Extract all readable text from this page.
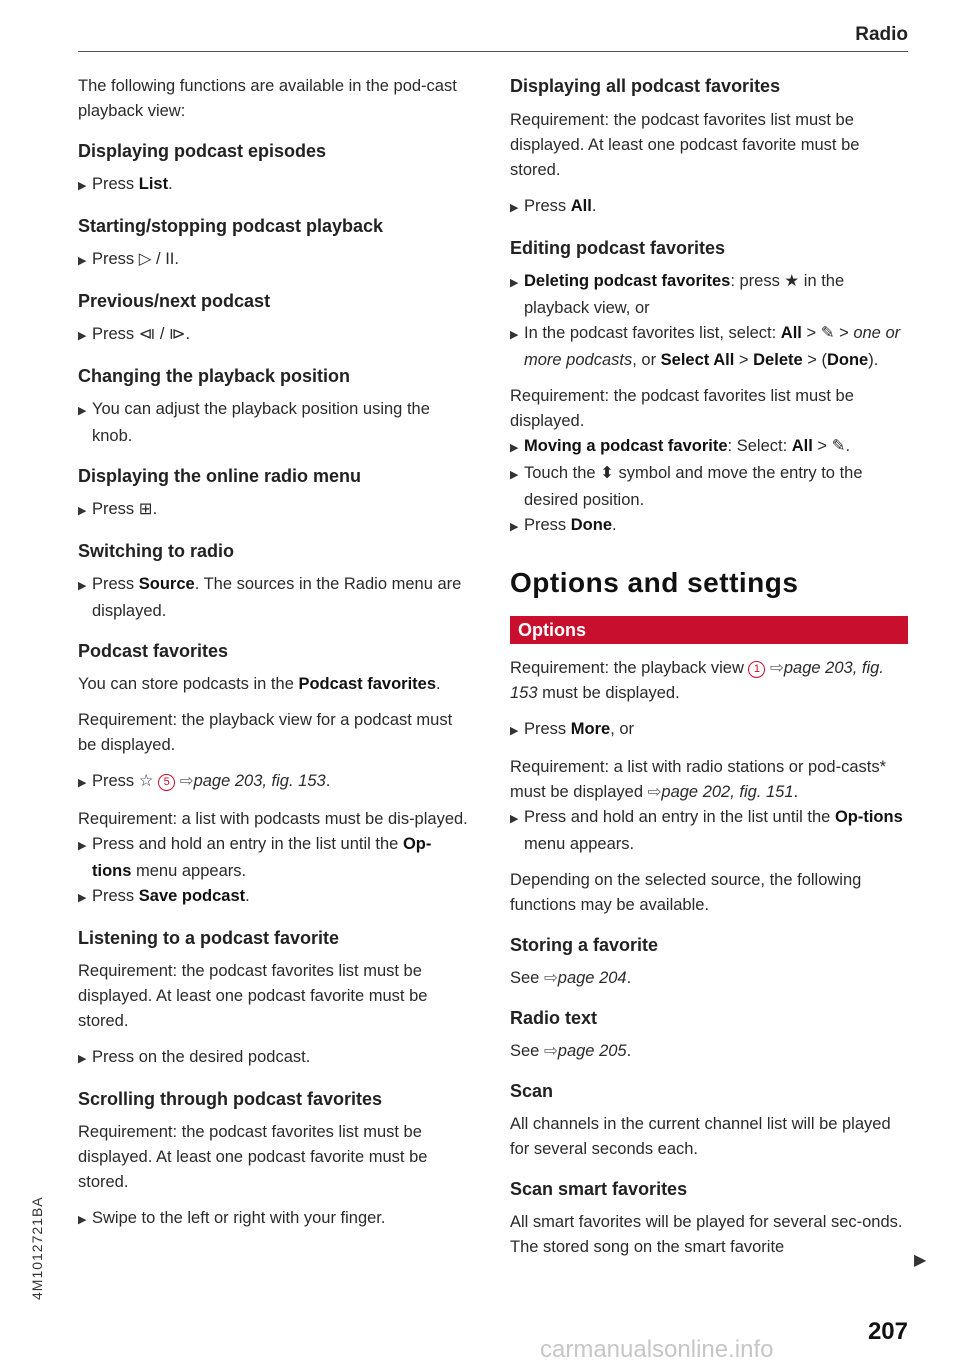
Radio

The following functions are available in the pod-cast playback view:

Displaying podcast episodes

▶ Press List.

Starting/stopping podcast playback

▶ Press ▷ / II.

Previous/next podcast

▶ Press ⧏ / ⧐.

Changing the playback position

▶ You can adjust the playback position using the knob.

Displaying the online radio menu

▶ Press ⊞.

Switching to radio

▶ Press Source. The sources in the Radio menu are displayed.

Podcast favorites

You can store podcasts in the Podcast favorites.

Requirement: the playback view for a podcast must be displayed.

▶ Press ☆ 5 ⇨page 203, fig. 153.

Requirement: a list with podcasts must be dis-played.

▶ Press and hold an entry in the list until the Op-tions menu appears.

▶ Press Save podcast.

Listening to a podcast favorite

Requirement: the podcast favorites list must be displayed. At least one podcast favorite must be stored.

▶ Press on the desired podcast.

Scrolling through podcast favorites

Requirement: the podcast favorites list must be displayed. At least one podcast favorite must be stored.

▶ Swipe to the left or right with your finger.

Displaying all podcast favorites

Requirement: the podcast favorites list must be displayed. At least one podcast favorite must be stored.

▶ Press All.

Editing podcast favorites

▶ Deleting podcast favorites: press ★ in the playback view, or

▶ In the podcast favorites list, select: All > ✎ > one or more podcasts, or Select All > Delete > (Done).

Requirement: the podcast favorites list must be displayed.

▶ Moving a podcast favorite: Select: All > ✎.

▶ Touch the ⬍ symbol and move the entry to the desired position.

▶ Press Done.

Options and settings
Options

Requirement: the playback view 1 ⇨page 203, fig. 153 must be displayed.

▶ Press More, or

Requirement: a list with radio stations or pod-casts* must be displayed ⇨page 202, fig. 151.

▶ Press and hold an entry in the list until the Op-tions menu appears.

Depending on the selected source, the following functions may be available.

Storing a favorite

See ⇨page 204.

Radio text

See ⇨page 205.

Scan

All channels in the current channel list will be played for several seconds each.

Scan smart favorites

All smart favorites will be played for several sec-onds. The stored song on the smart favorite

▶
4M1012721BA
207
carmanualsonline.info
